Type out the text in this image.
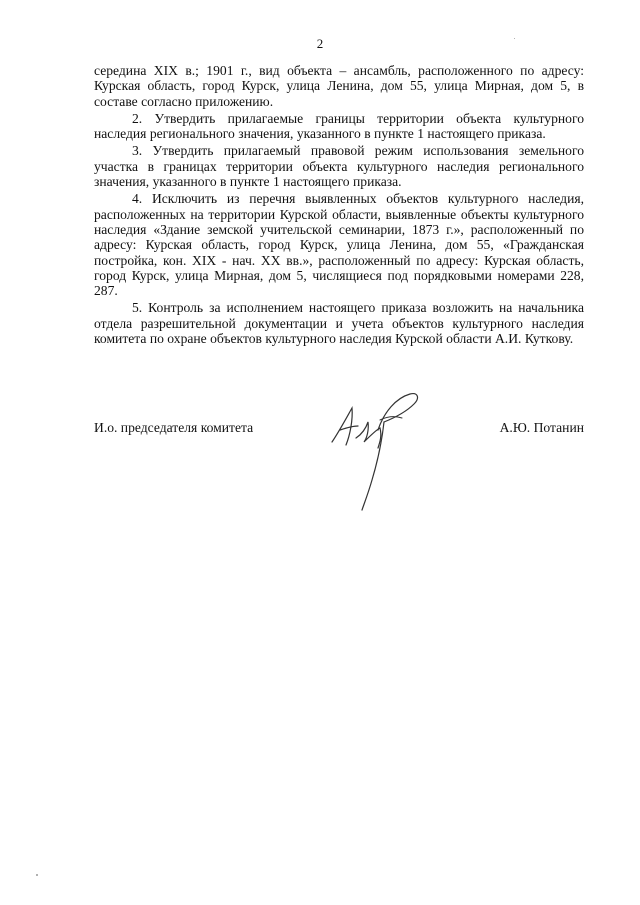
2

середина XIX в.; 1901 г., вид объекта – ансамбль, расположенного по адресу: Курская область, город Курск, улица Ленина, дом 55, улица Мирная, дом 5, в составе согласно приложению.

2. Утвердить прилагаемые границы территории объекта культурного наследия регионального значения, указанного в пункте 1 настоящего приказа.

3. Утвердить прилагаемый правовой режим использования земельного участка в границах территории объекта культурного наследия регионального значения, указанного в пункте 1 настоящего приказа.

4. Исключить из перечня выявленных объектов культурного наследия, расположенных на территории Курской области, выявленные объекты культурного наследия «Здание земской учительской семинарии, 1873 г.», расположенный по адресу: Курская область, город Курск, улица Ленина, дом 55, «Гражданская постройка, кон. XIX - нач. XX вв.», расположенный по адресу: Курская область, город Курск, улица Мирная, дом 5, числящиеся под порядковыми номерами 228, 287.

5. Контроль за исполнением настоящего приказа возложить на начальника отдела разрешительной документации и учета объектов культурного наследия комитета по охране объектов культурного наследия Курской области А.И. Куткову.

И.о. председателя комитета	А.Ю. Потанин
